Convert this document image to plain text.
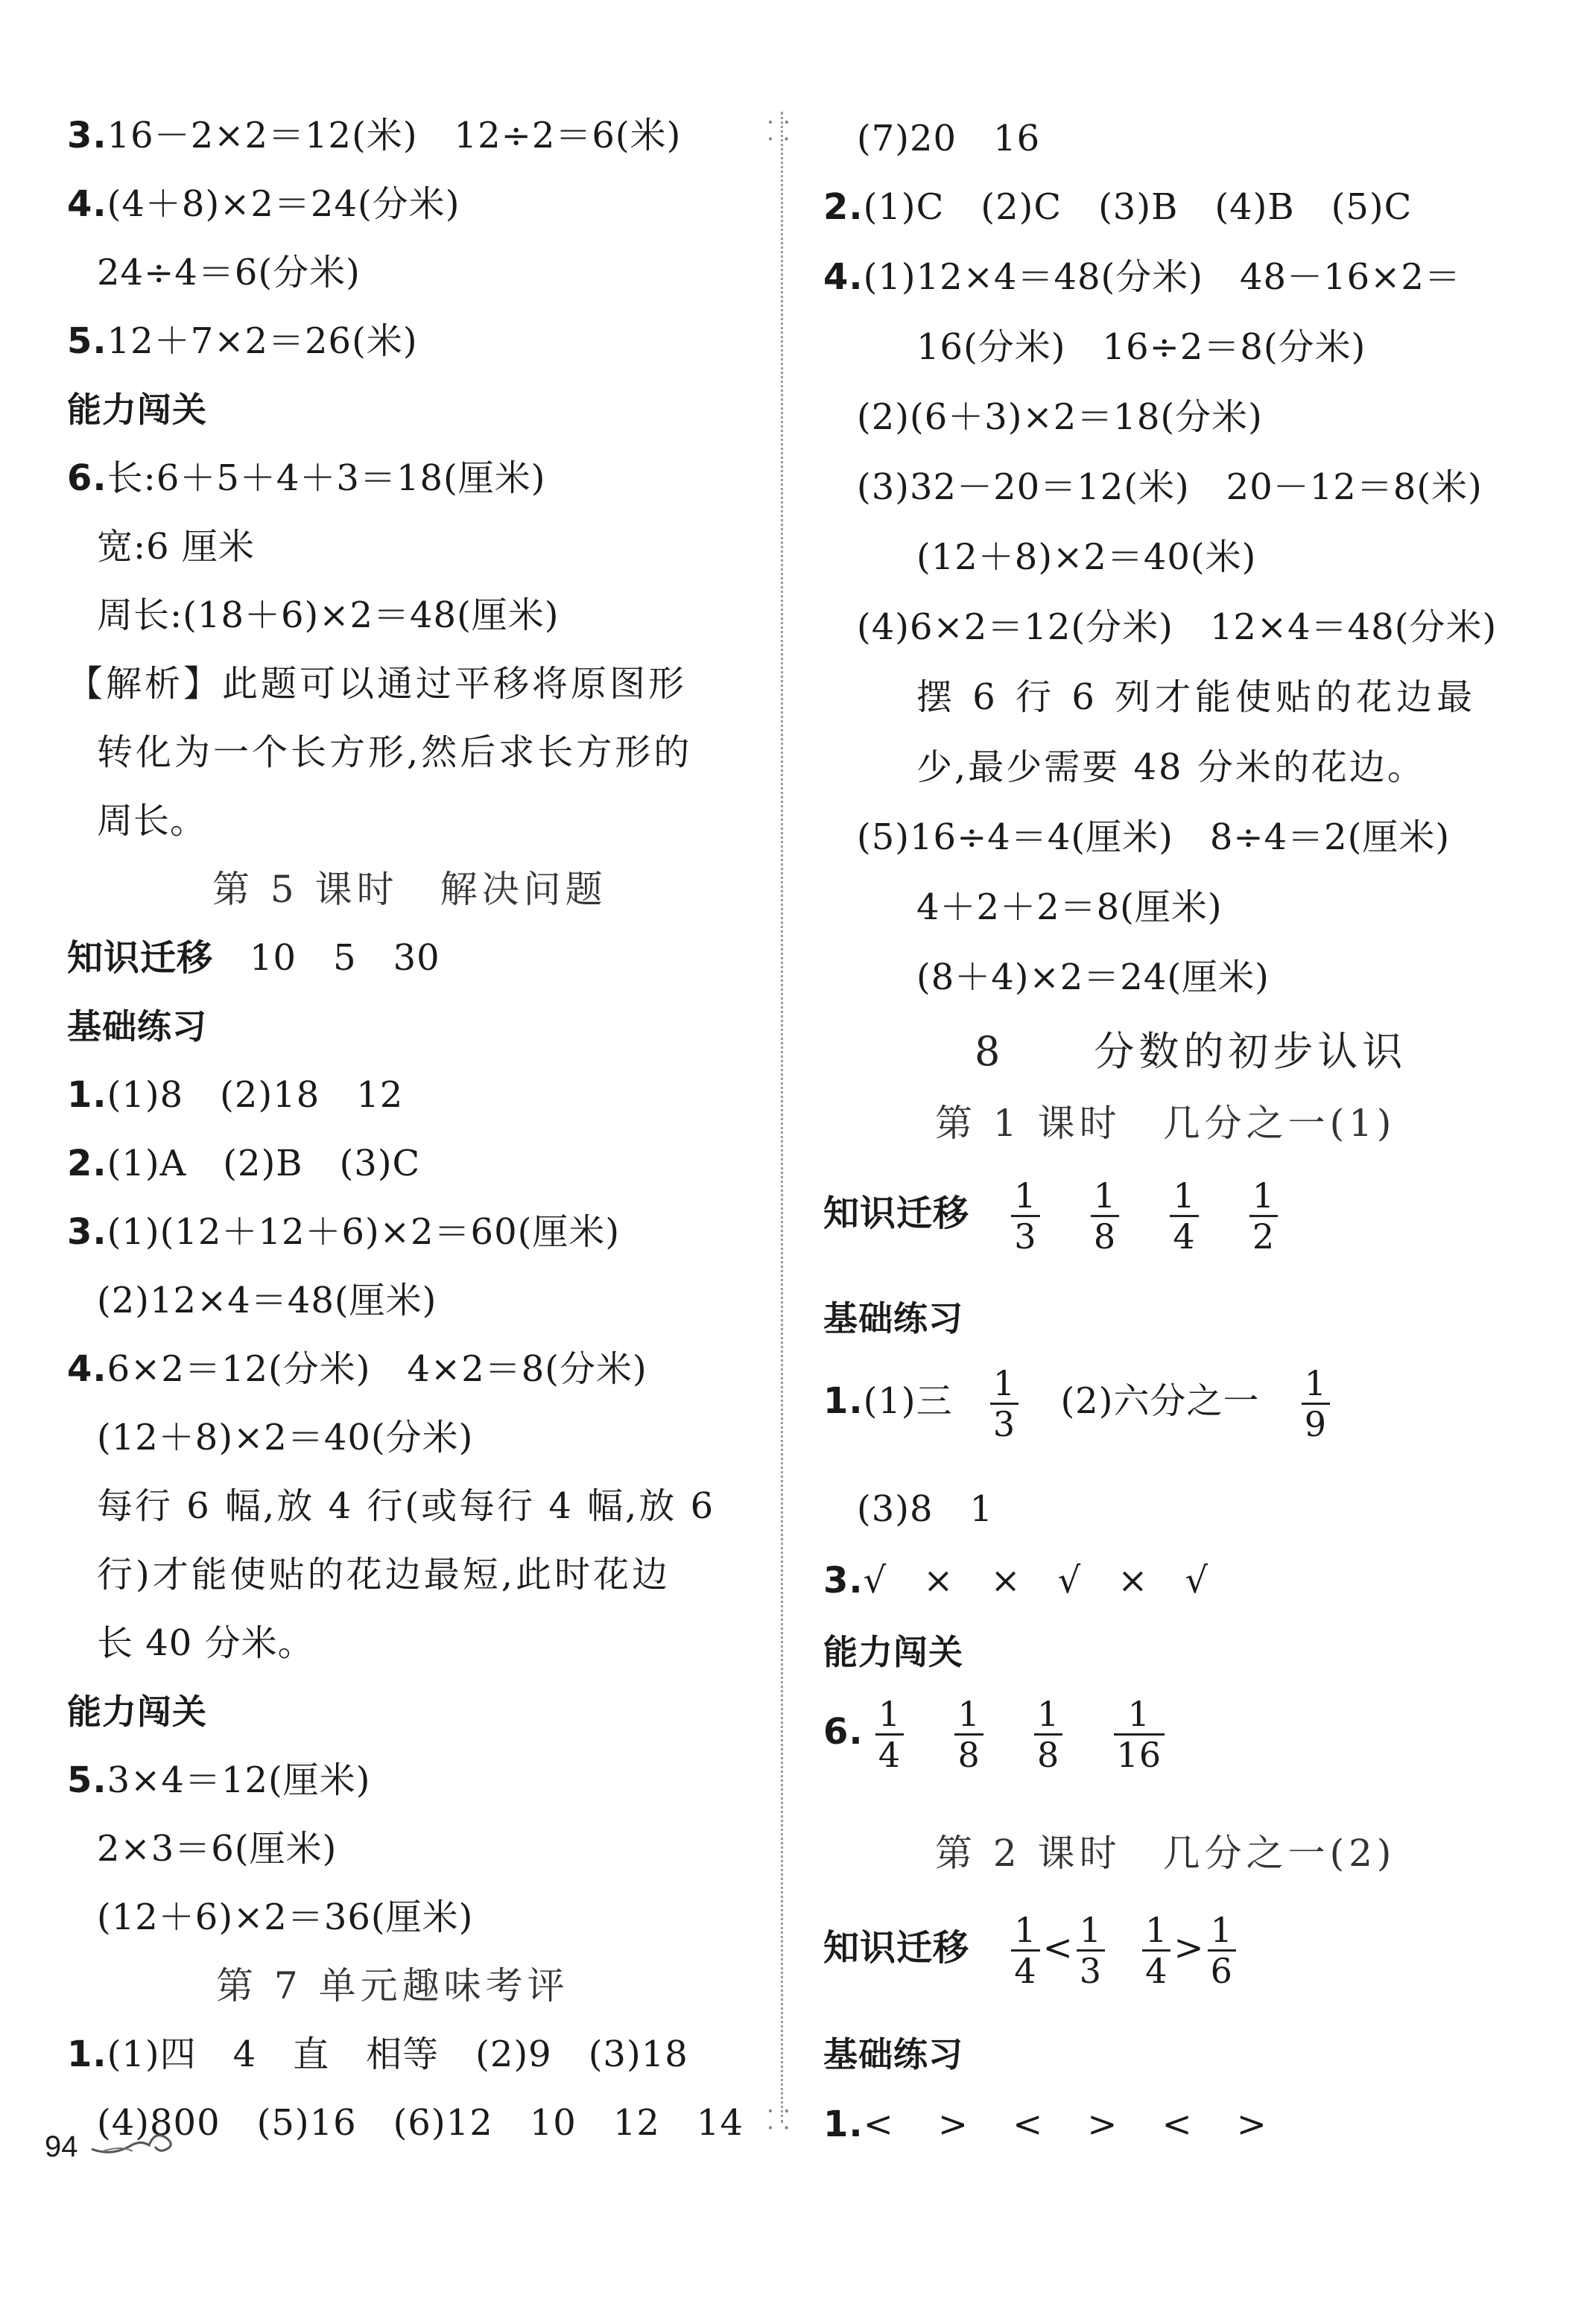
⸬
⸬
3.16－2×2＝12(米)　12÷2＝6(米)
4.(4＋8)×2＝24(分米)
24÷4＝6(分米)
5.12＋7×2＝26(米)
能力闯关
6.长:6＋5＋4＋3＝18(厘米)
宽:6 厘米
周长:(18＋6)×2＝48(厘米)
【解析】此题可以通过平移将原图形
转化为一个长方形,然后求长方形的
周长。
第 5 课时　解决问题
知识迁移　10　5　30
基础练习
1.(1)8　(2)18　12
2.(1)A　(2)B　(3)C
3.(1)(12＋12＋6)×2＝60(厘米)
(2)12×4＝48(厘米)
4.6×2＝12(分米)　4×2＝8(分米)
(12＋8)×2＝40(分米)
每行 6 幅,放 4 行(或每行 4 幅,放 6
行)才能使贴的花边最短,此时花边
长 40 分米。
能力闯关
5.3×4＝12(厘米)
2×3＝6(厘米)
(12＋6)×2＝36(厘米)
第 7 单元趣味考评
1.(1)四　4　直　相等　(2)9　(3)18
(4)800　(5)16　(6)12　10　12　14
(7)20　16
2.(1)C　(2)C　(3)B　(4)B　(5)C
4.(1)12×4＝48(分米)　48－16×2＝
16(分米)　16÷2＝8(分米)
(2)(6＋3)×2＝18(分米)
(3)32－20＝12(米)　20－12＝8(米)
(12＋8)×2＝40(米)
(4)6×2＝12(分米)　12×4＝48(分米)
摆 6 行 6 列才能使贴的花边最
少,最少需要 48 分米的花边。
(5)16÷4＝4(厘米)　8÷4＝2(厘米)
4＋2＋2＝8(厘米)
(8＋4)×2＝24(厘米)
8　　分数的初步认识
第 1 课时　几分之一(1)
知识迁移 $\frac{1}{3}$
$\frac{1}{8}$
$\frac{1}{4}$
$\frac{1}{2}$
基础练习
1.(1)三 $\frac{1}{3} (2)$六分之一 $\frac{1}{9}$
(3)8　1
3.√　×　×　√　×　√
能力闯关
6. $\frac{1}{4}$
$\frac{1}{8}$
$\frac{1}{8}$
$\frac{1}{16}$
第 2 课时　几分之一(2)
知识迁移 $\frac{1}{4} < \frac{1}{3} \frac{1}{4} > \frac{1}{6}$
基础练习
1.<　>　<　>　<　>
94
